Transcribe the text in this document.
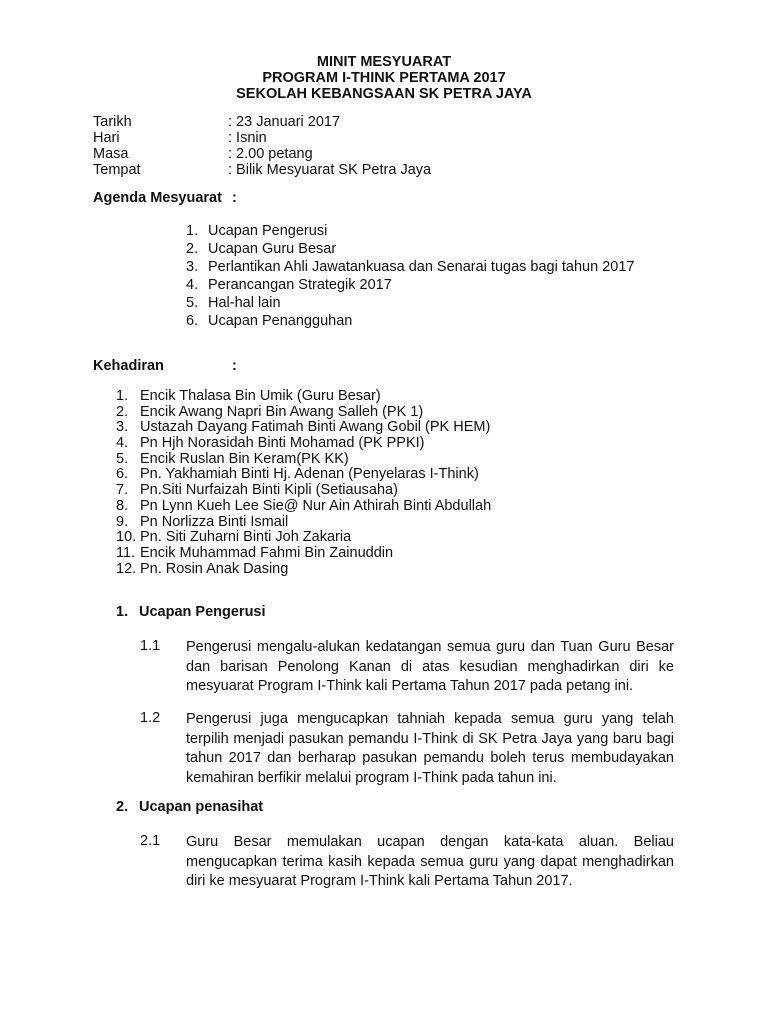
MINIT MESYUARAT
PROGRAM I-THINK PERTAMA 2017
SEKOLAH KEBANGSAAN SK PETRA JAYA
Tarikh	: 23 Januari 2017
Hari	: Isnin
Masa	: 2.00 petang
Tempat	: Bilik Mesyuarat SK Petra Jaya
Agenda Mesyuarat :
1. Ucapan Pengerusi
2. Ucapan Guru Besar
3. Perlantikan Ahli Jawatankuasa dan Senarai tugas bagi tahun 2017
4. Perancangan Strategik 2017
5. Hal-hal lain
6. Ucapan Penangguhan
Kehadiran	:
1. Encik Thalasa Bin Umik (Guru Besar)
2. Encik Awang Napri Bin Awang Salleh (PK 1)
3. Ustazah Dayang Fatimah Binti Awang Gobil (PK HEM)
4. Pn Hjh Norasidah Binti Mohamad (PK PPKI)
5. Encik Ruslan Bin Keram(PK KK)
6. Pn. Yakhamiah Binti Hj. Adenan (Penyelaras I-Think)
7. Pn.Siti Nurfaizah Binti Kipli (Setiausaha)
8. Pn Lynn Kueh Lee Sie@ Nur Ain Athirah Binti Abdullah
9. Pn Norlizza Binti Ismail
10. Pn. Siti Zuharni Binti Joh Zakaria
11. Encik Muhammad Fahmi Bin Zainuddin
12. Pn. Rosin Anak Dasing
1. Ucapan Pengerusi
1.1 Pengerusi mengalu-alukan kedatangan semua guru dan Tuan Guru Besar dan barisan Penolong Kanan di atas kesudian menghadirkan diri ke mesyuarat Program I-Think kali Pertama Tahun 2017 pada petang ini.
1.2 Pengerusi juga mengucapkan tahniah kepada semua guru yang telah terpilih menjadi pasukan pemandu I-Think di SK Petra Jaya yang baru bagi tahun 2017 dan berharap pasukan pemandu boleh terus membudayakan kemahiran berfikir melalui program I-Think pada tahun ini.
2. Ucapan penasihat
2.1 Guru Besar memulakan ucapan dengan kata-kata aluan. Beliau mengucapkan terima kasih kepada semua guru yang dapat menghadirkan diri ke mesyuarat Program I-Think kali Pertama Tahun 2017.
